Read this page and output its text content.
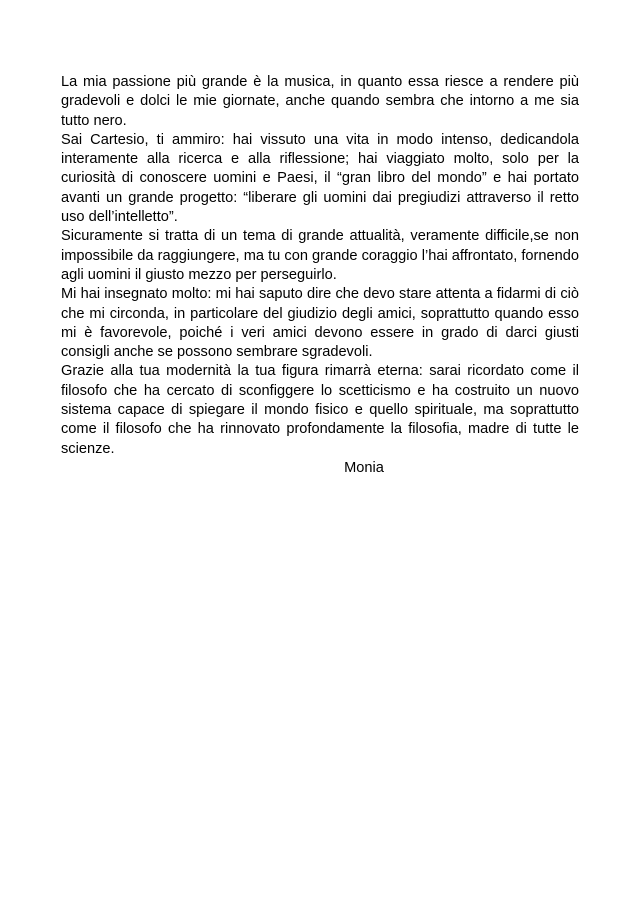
La mia passione più grande è la musica, in quanto essa riesce a rendere più gradevoli e dolci le mie giornate, anche quando sembra che intorno a me sia tutto nero.

Sai Cartesio, ti ammiro: hai vissuto una vita in modo intenso, dedicandola interamente alla ricerca e alla riflessione; hai viaggiato molto, solo per la curiosità di conoscere uomini e Paesi, il “gran libro del mondo” e hai portato avanti un grande progetto: “liberare gli uomini dai pregiudizi attraverso il retto uso dell’intelletto”.

Sicuramente si tratta di un tema di grande attualità, veramente difficile,se non impossibile da raggiungere, ma tu con grande coraggio l’hai affrontato, fornendo agli uomini il giusto mezzo per perseguirlo.

Mi hai insegnato molto: mi hai saputo dire che devo stare attenta a fidarmi di ciò che mi circonda, in particolare del giudizio degli amici, soprattutto quando esso mi è favorevole, poiché i veri amici devono essere in grado di darci giusti consigli anche se possono sembrare sgradevoli.

Grazie alla tua modernità la tua figura rimarrà eterna: sarai ricordato come il filosofo che ha cercato di sconfiggere lo scetticismo e ha costruito un nuovo sistema capace di spiegare il mondo fisico e quello spirituale, ma soprattutto come il filosofo che ha rinnovato profondamente la filosofia, madre di tutte le scienze.

Monia
